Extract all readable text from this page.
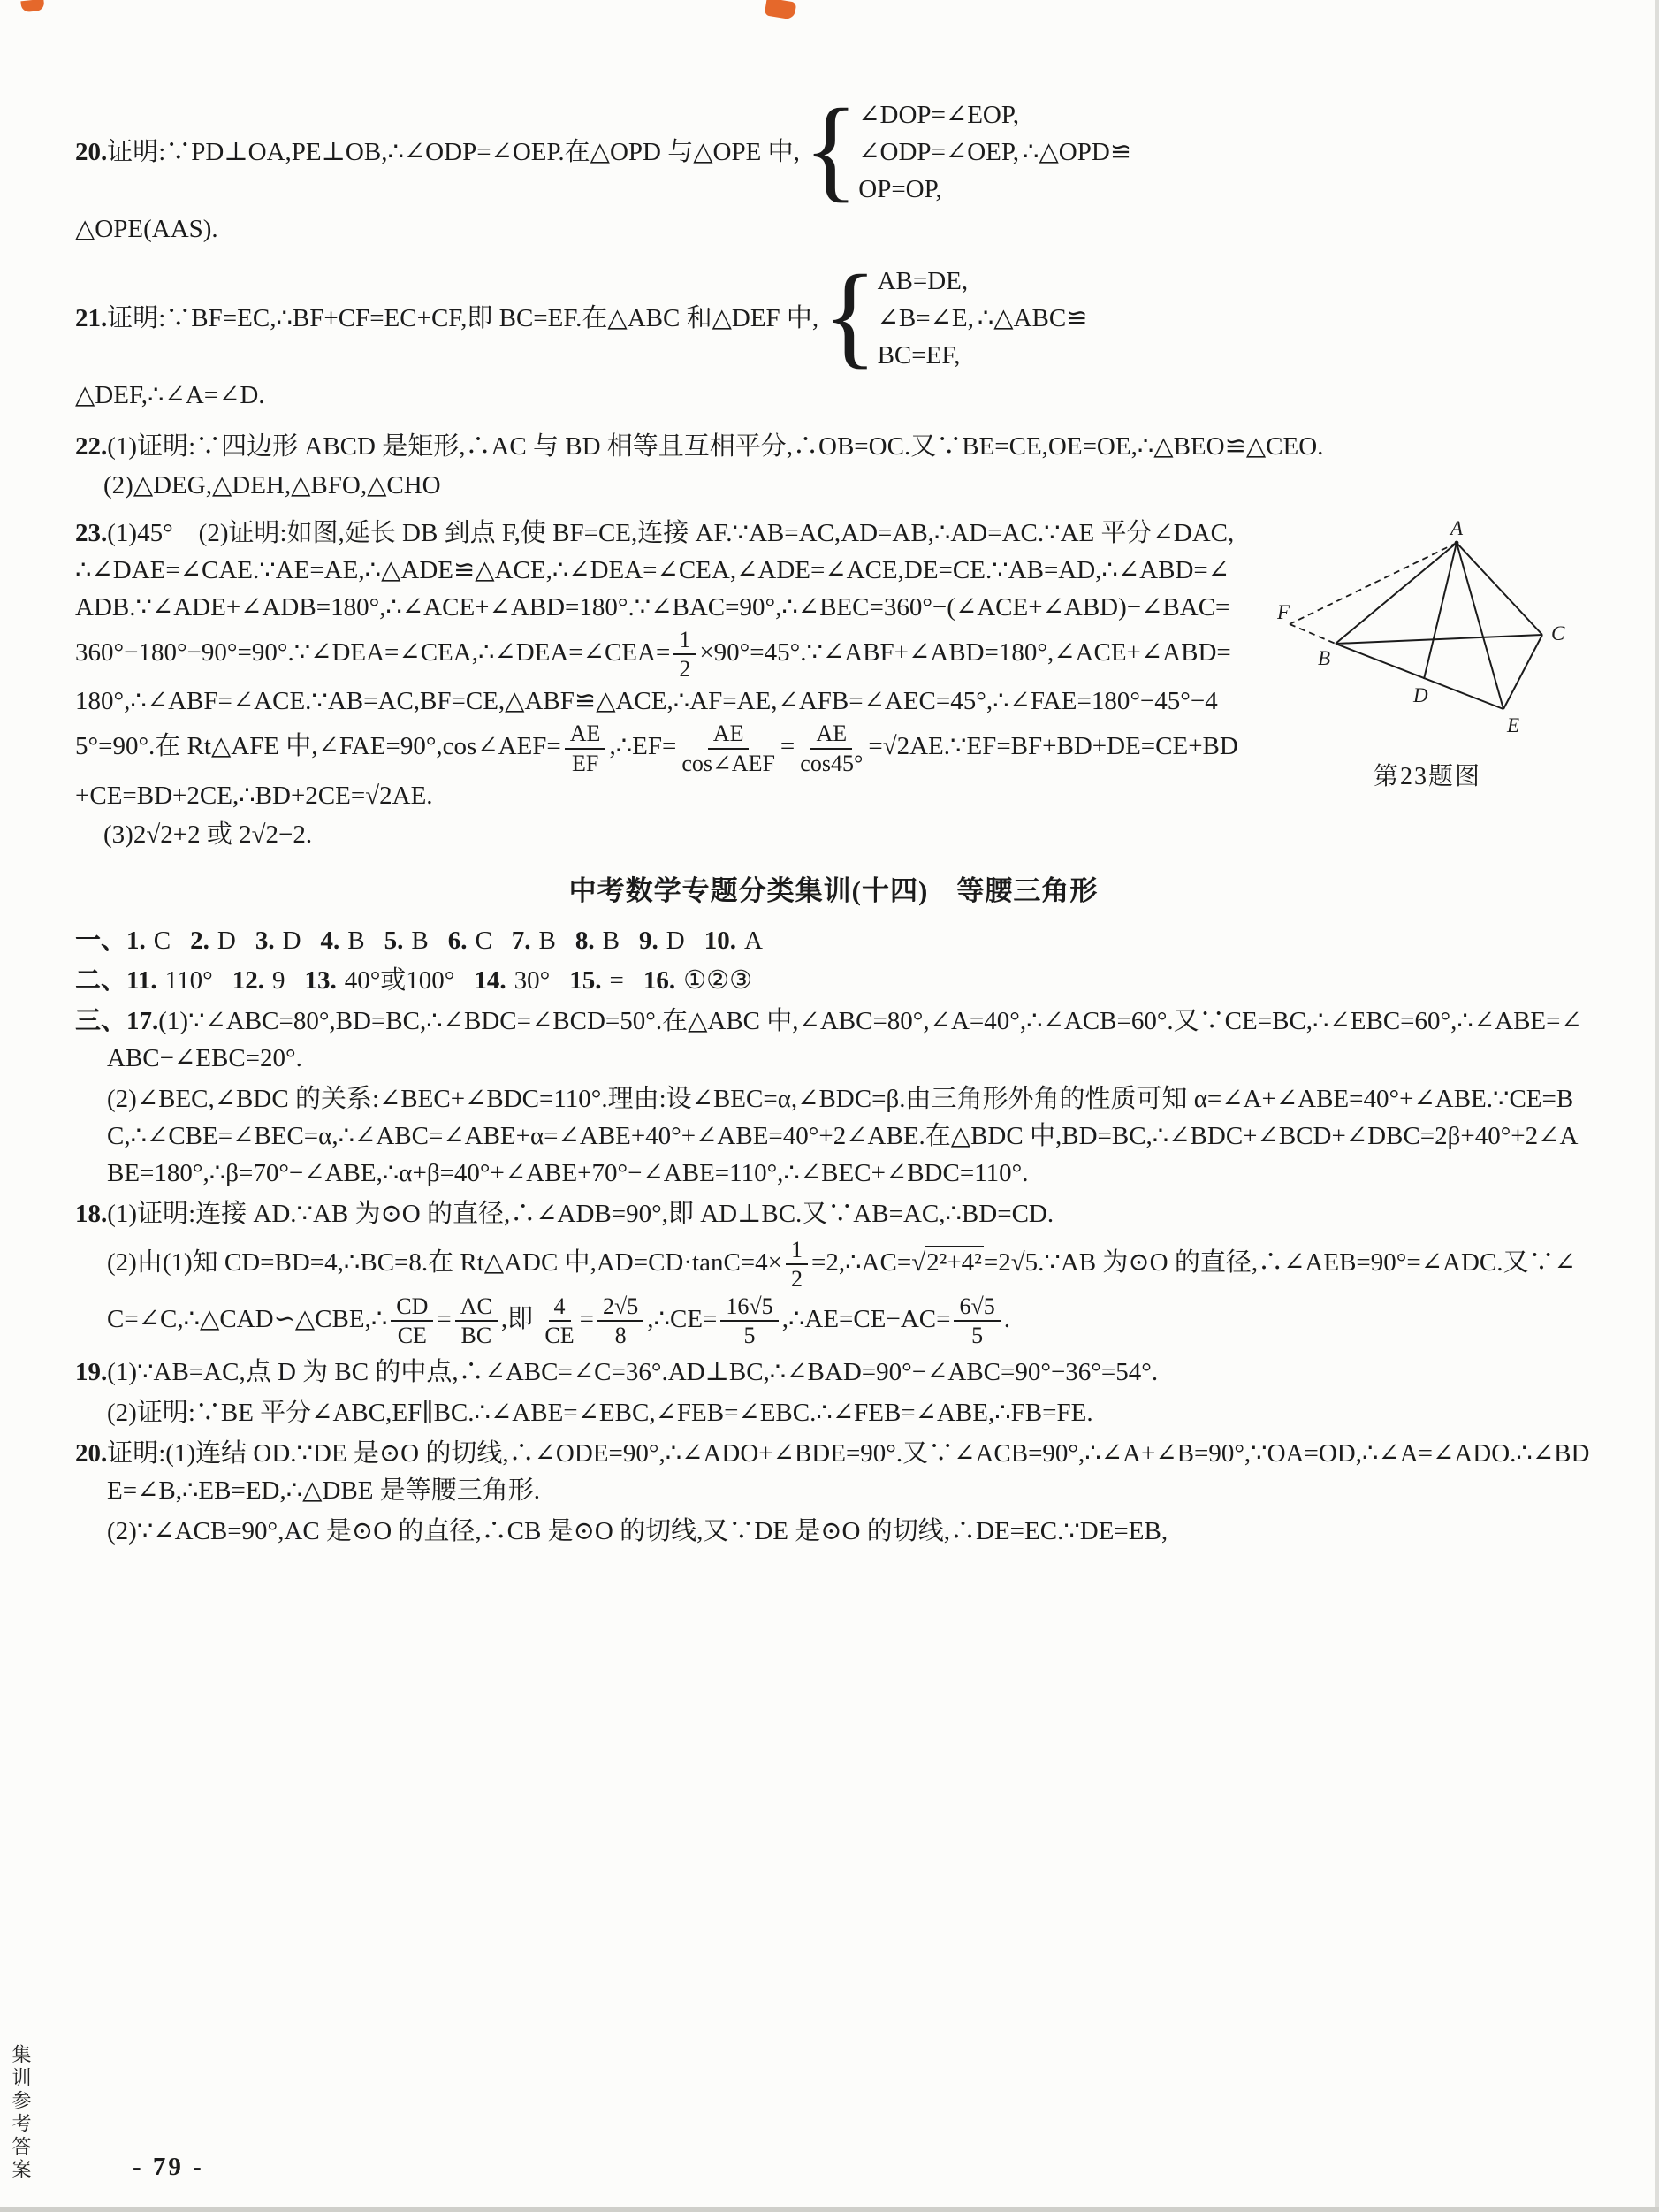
20. 证明:∵PD⊥OA,PE⊥OB,∴∠ODP=∠OEP.在△OPD 与△OPE 中, { ∠DOP=∠EOP,
∠ODP=∠OEP,
OP=OP,
∴△OPD≌
△OPE(AAS).
21. 证明:∵BF=EC,∴BF+CF=EC+CF,即 BC=EF.在△ABC 和△DEF 中, { AB=DE,
∠B=∠E,
BC=EF,
∴△ABC≌
△DEF,∴∠A=∠D.
22.(1)证明:∵四边形 ABCD 是矩形,∴AC 与 BD 相等且互相平分,∴OB=OC.又∵BE=CE,OE=OE,∴△BEO≌△CEO.
(2)△DEG,△DEH,△BFO,△CHO
A
F
B
C
D
E
第23题图
23.(1)45°　(2)证明:如图,延长 DB 到点 F,使 BF=CE,连接 AF.∵AB=AC,AD=AB,∴AD=AC.∵AE 平分∠DAC,∴∠DAE=∠CAE.∵AE=AE,∴△ADE≌△ACE,∴∠DEA=∠CEA,∠ADE=∠ACE,DE=CE.∵AB=AD,∴∠ABD=∠ADB.∵∠ADE+∠ADB=180°,∴∠ACE+∠ABD=180°.∵∠BAC=90°,∴∠BEC=360°−(∠ACE+∠ABD)−∠BAC=360°−180°−90°=90°.∵∠DEA=∠CEA,∴∠DEA=∠CEA= $\frac{1}{2}$ ×90°=45°.∵∠ABF+∠ABD=180°,∠ACE+∠ABD=180°,∴∠ABF=∠ACE.∵AB=AC,BF=CE,△ABF≌△ACE,∴AF=AE,∠AFB=∠AEC=45°,∴∠FAE=180°−45°−45°=90°.在 Rt△AFE 中,∠FAE=90°,cos∠AEF= $\frac{AE}{EF}$ ,∴EF= $\frac{AE}{\text{cos∠AEF}} = \frac{AE}{\cos 45^\circ}$ =√2AE.∵EF=BF+BD+DE=CE+BD+CE=BD+2CE,∴BD+2CE=√2AE.
(3)2√2+2 或 2√2−2.
中考数学专题分类集训(十四)　等腰三角形
一、 1. C 2. D 3. D 4. B 5. B 6. C 7. B 8. B 9. D 10. A
二、 11. 110° 12. 9 13. 40°或100° 14. 30° 15. = 16. ①②③
三、17.(1)∵∠ABC=80°,BD=BC,∴∠BDC=∠BCD=50°.在△ABC 中,∠ABC=80°,∠A=40°,∴∠ACB=60°.又∵CE=BC,∴∠EBC=60°,∴∠ABE=∠ABC−∠EBC=20°.
(2)∠BEC,∠BDC 的关系:∠BEC+∠BDC=110°.理由:设∠BEC=α,∠BDC=β.由三角形外角的性质可知 α=∠A+∠ABE=40°+∠ABE.∵CE=BC,∴∠CBE=∠BEC=α,∴∠ABC=∠ABE+α=∠ABE+40°+∠ABE=40°+2∠ABE.在△BDC 中,BD=BC,∴∠BDC+∠BCD+∠DBC=2β+40°+2∠ABE=180°,∴β=70°−∠ABE,∴α+β=40°+∠ABE+70°−∠ABE=110°,∴∠BEC+∠BDC=110°.
18.(1)证明:连接 AD.∵AB 为⊙O 的直径,∴∠ADB=90°,即 AD⊥BC.又∵AB=AC,∴BD=CD.
(2)由(1)知 CD=BD=4,∴BC=8.在 Rt△ADC 中$,AD=CD\cdot\tan C=4\times \frac{1}{2}$ =2,∴AC=√2²+4²=2√5.∵AB 为⊙O 的直径,∴∠AEB=90°=∠ADC.又∵∠C=∠C,∴△CAD∽△CBE,∴ $\frac{CD}{CE} = \frac{AC}{BC}$ ,即 $\frac{4}{CE} = \frac{2√5}{8}$ ,∴CE= $\frac{16√5}{5}$ ,∴AE=CE−AC= $\frac{6√5}{5}$ .
19.(1)∵AB=AC,点 D 为 BC 的中点,∴∠ABC=∠C=36°.AD⊥BC,∴∠BAD=90°−∠ABC=90°−36°=54°.
(2)证明:∵BE 平分∠ABC,EF∥BC.∴∠ABE=∠EBC,∠FEB=∠EBC.∴∠FEB=∠ABE,∴FB=FE.
20.证明:(1)连结 OD.∵DE 是⊙O 的切线,∴∠ODE=90°,∴∠ADO+∠BDE=90°.又∵∠ACB=90°,∴∠A+∠B=90°,∵OA=OD,∴∠A=∠ADO.∴∠BDE=∠B,∴EB=ED,∴△DBE 是等腰三角形.
(2)∵∠ACB=90°,AC 是⊙O 的直径,∴CB 是⊙O 的切线,又∵DE 是⊙O 的切线,∴DE=EC.∵DE=EB,
集训参考答案	- 79 -
